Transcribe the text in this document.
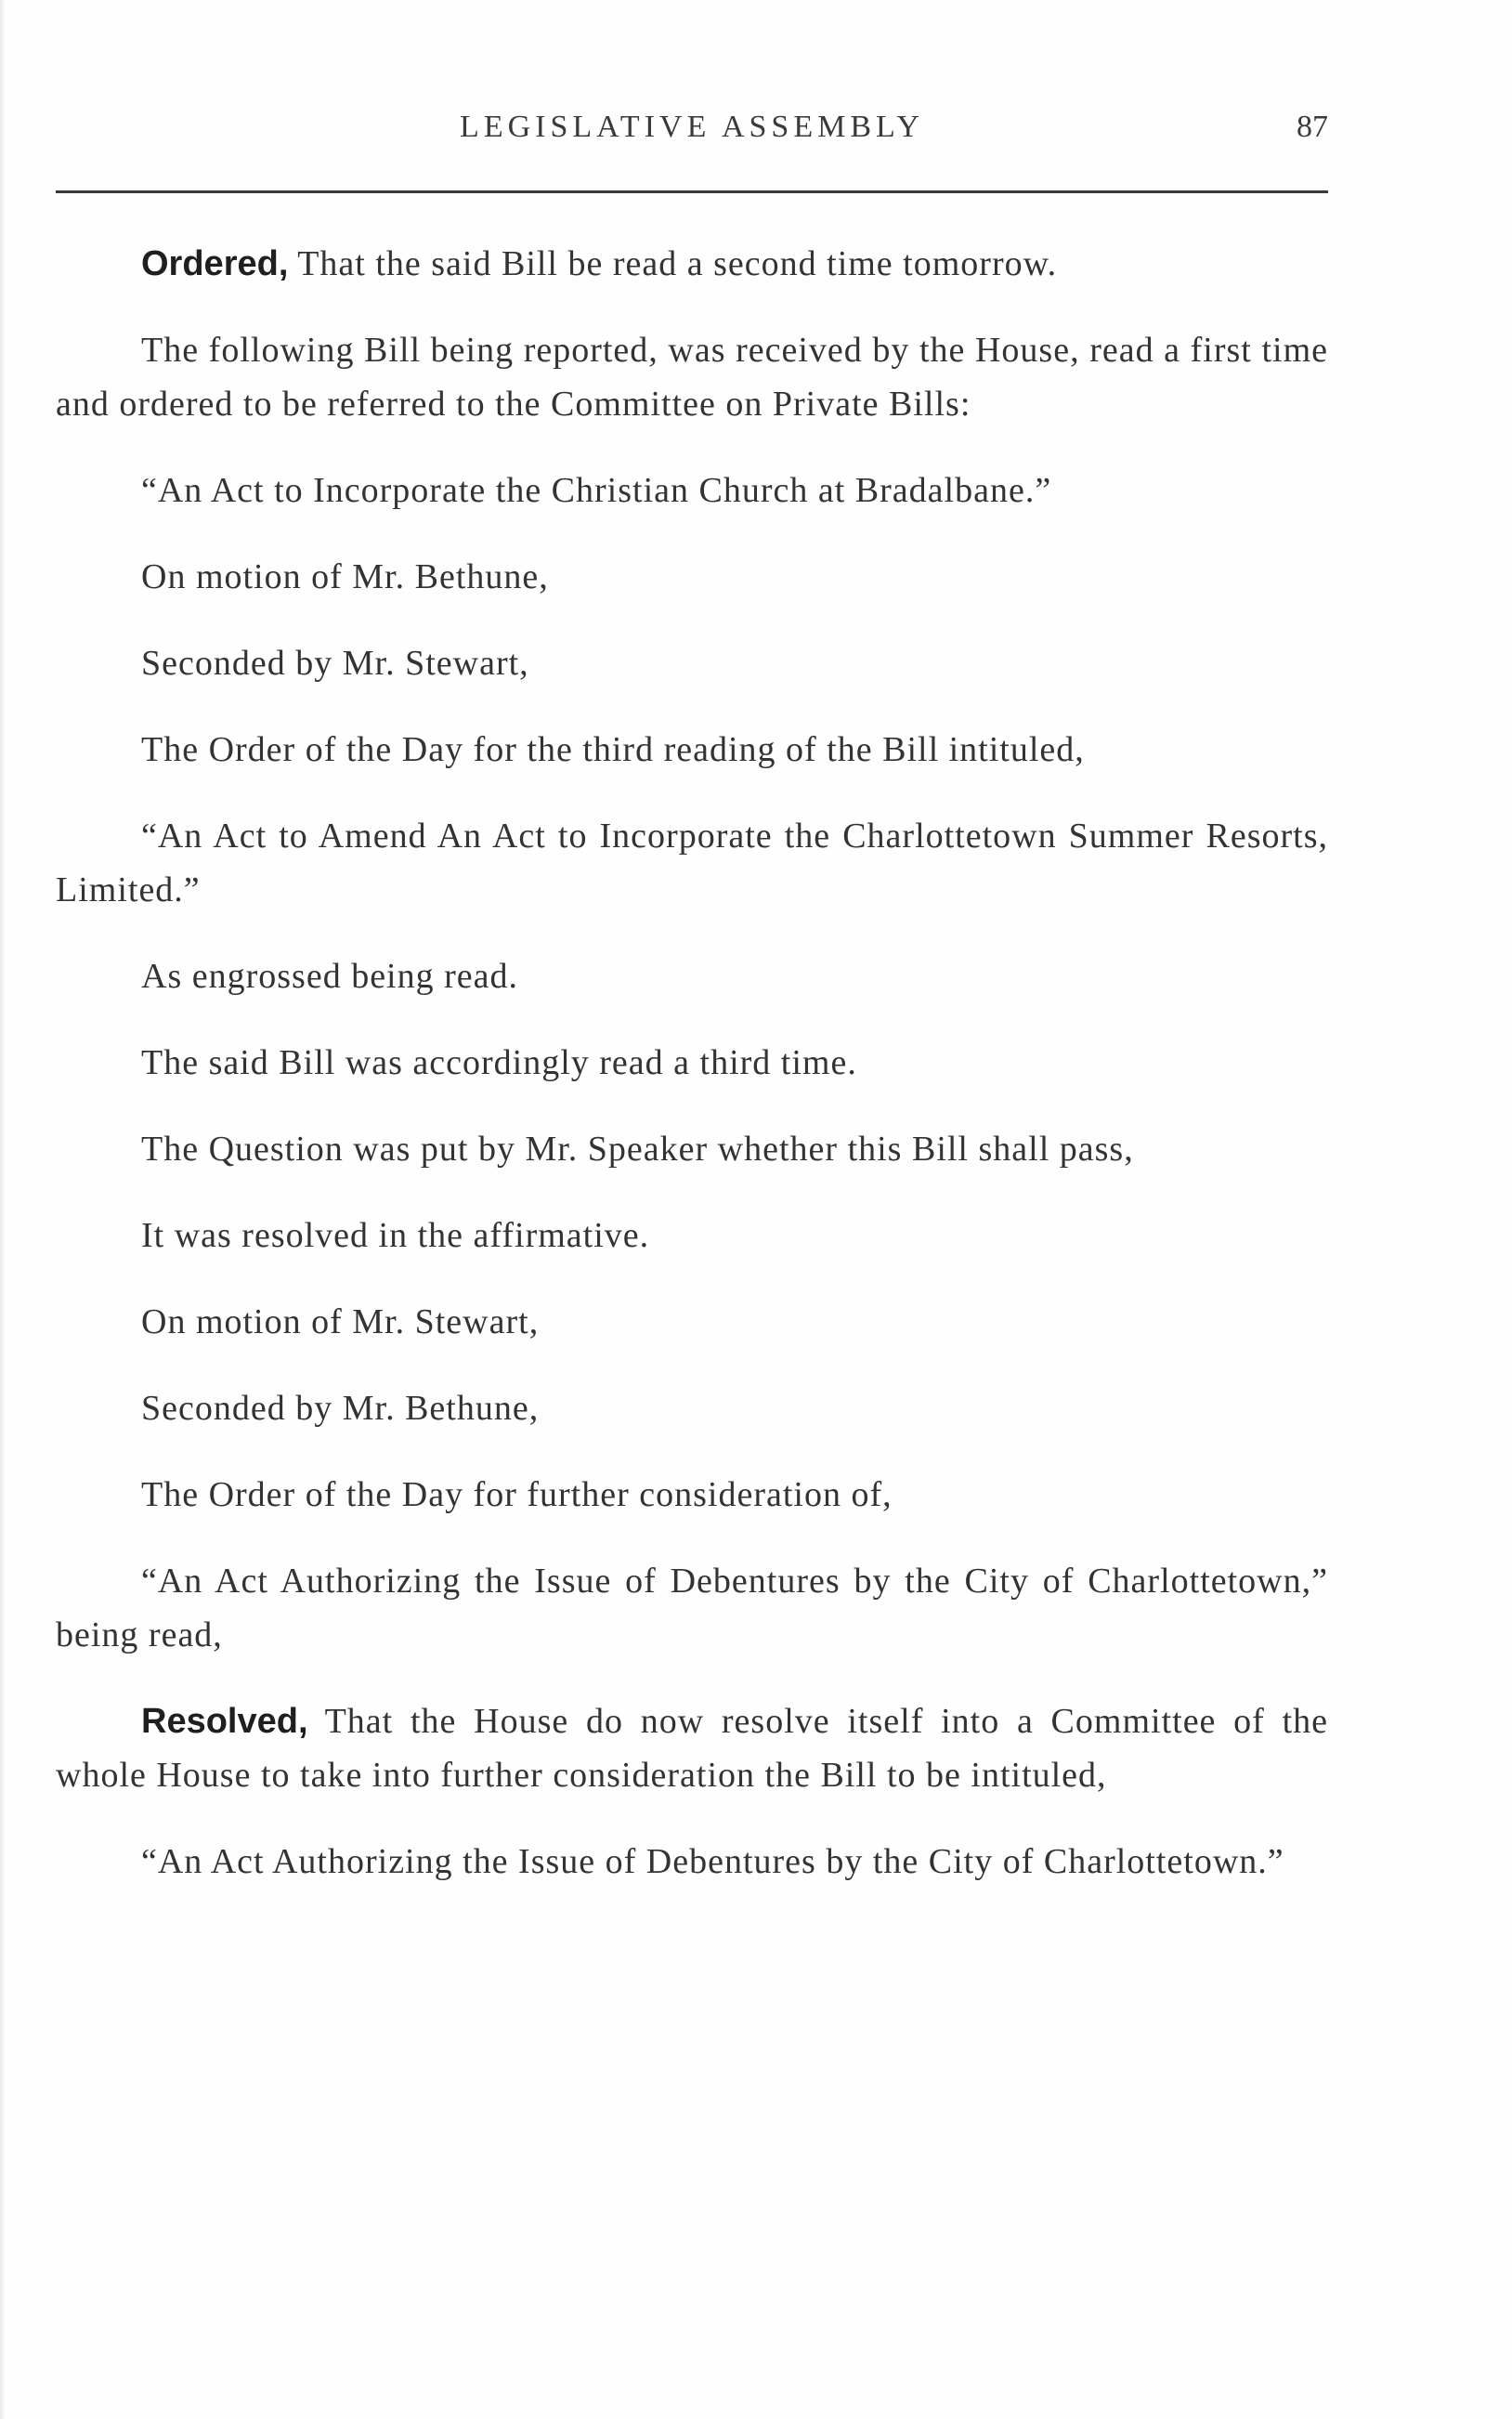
LEGISLATIVE ASSEMBLY	87

Ordered, That the said Bill be read a second time tomorrow.

The following Bill being reported, was received by the House, read a first time and ordered to be referred to the Committee on Private Bills:

“An Act to Incorporate the Christian Church at Bradalbane.”

On motion of Mr. Bethune,

Seconded by Mr. Stewart,

The Order of the Day for the third reading of the Bill intituled,

“An Act to Amend An Act to Incorporate the Charlottetown Summer Resorts, Limited.”

As engrossed being read.

The said Bill was accordingly read a third time.

The Question was put by Mr. Speaker whether this Bill shall pass,

It was resolved in the affirmative.

On motion of Mr. Stewart,

Seconded by Mr. Bethune,

The Order of the Day for further consideration of,

“An Act Authorizing the Issue of Debentures by the City of Charlottetown,” being read,

Resolved, That the House do now resolve itself into a Committee of the whole House to take into further consideration the Bill to be intituled,

“An Act Authorizing the Issue of Debentures by the City of Charlottetown.”
